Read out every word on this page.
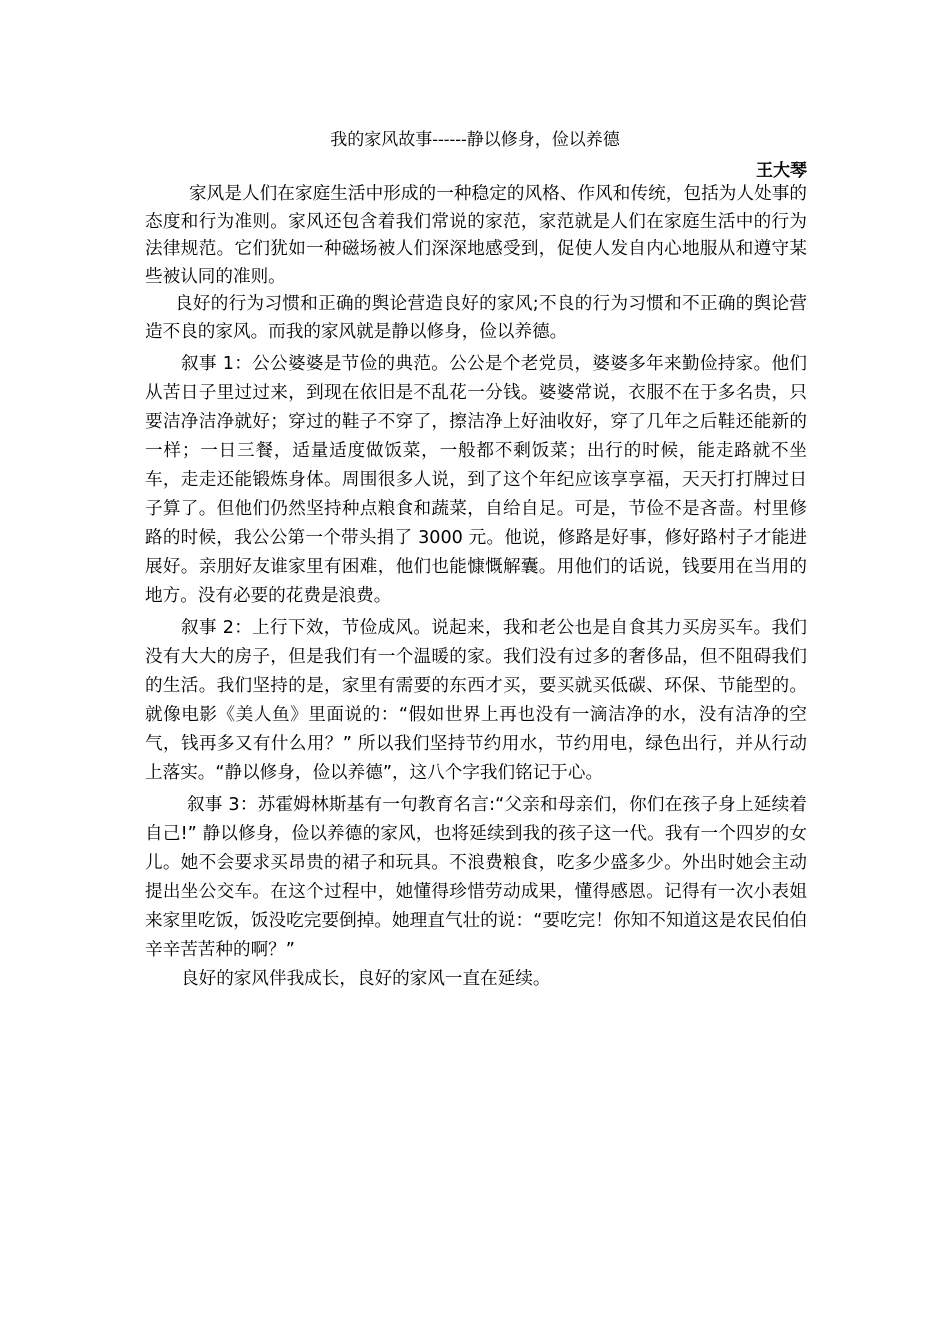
我的家风故事------静以修身，俭以养德
王大琴

家风是人们在家庭生活中形成的一种稳定的风格、作风和传统，包括为人处事的态度和行为准则。家风还包含着我们常说的家范，家范就是人们在家庭生活中的行为法律规范。它们犹如一种磁场被人们深深地感受到，促使人发自内心地服从和遵守某些被认同的准则。

良好的行为习惯和正确的舆论营造良好的家风;不良的行为习惯和不正确的舆论营造不良的家风。而我的家风就是静以修身，俭以养德。

叙事 1：公公婆婆是节俭的典范。公公是个老党员，婆婆多年来勤俭持家。他们从苦日子里过过来，到现在依旧是不乱花一分钱。婆婆常说，衣服不在于多名贵，只要洁净洁净就好；穿过的鞋子不穿了，擦洁净上好油收好，穿了几年之后鞋还能新的一样；一日三餐，适量适度做饭菜，一般都不剩饭菜；出行的时候，能走路就不坐车，走走还能锻炼身体。周围很多人说，到了这个年纪应该享享福，天天打打牌过日子算了。但他们仍然坚持种点粮食和蔬菜，自给自足。可是，节俭不是吝啬。村里修路的时候，我公公第一个带头捐了 3000 元。他说，修路是好事，修好路村子才能进展好。亲朋好友谁家里有困难，他们也能慷慨解囊。用他们的话说，钱要用在当用的地方。没有必要的花费是浪费。

叙事 2：上行下效，节俭成风。说起来，我和老公也是自食其力买房买车。我们没有大大的房子，但是我们有一个温暖的家。我们没有过多的奢侈品，但不阻碍我们的生活。我们坚持的是，家里有需要的东西才买，要买就买低碳、环保、节能型的。就像电影《美人鱼》里面说的：“假如世界上再也没有一滴洁净的水，没有洁净的空气，钱再多又有什么用？” 所以我们坚持节约用水，节约用电，绿色出行，并从行动上落实。“静以修身，俭以养德”，这八个字我们铭记于心。

叙事 3：苏霍姆林斯基有一句教育名言:“父亲和母亲们，你们在孩子身上延续着自己!” 静以修身，俭以养德的家风，也将延续到我的孩子这一代。我有一个四岁的女儿。她不会要求买昂贵的裙子和玩具。不浪费粮食，吃多少盛多少。外出时她会主动提出坐公交车。在这个过程中，她懂得珍惜劳动成果，懂得感恩。记得有一次小表姐来家里吃饭，饭没吃完要倒掉。她理直气壮的说：“要吃完！你知不知道这是农民伯伯辛辛苦苦种的啊？”

良好的家风伴我成长，良好的家风一直在延续。
